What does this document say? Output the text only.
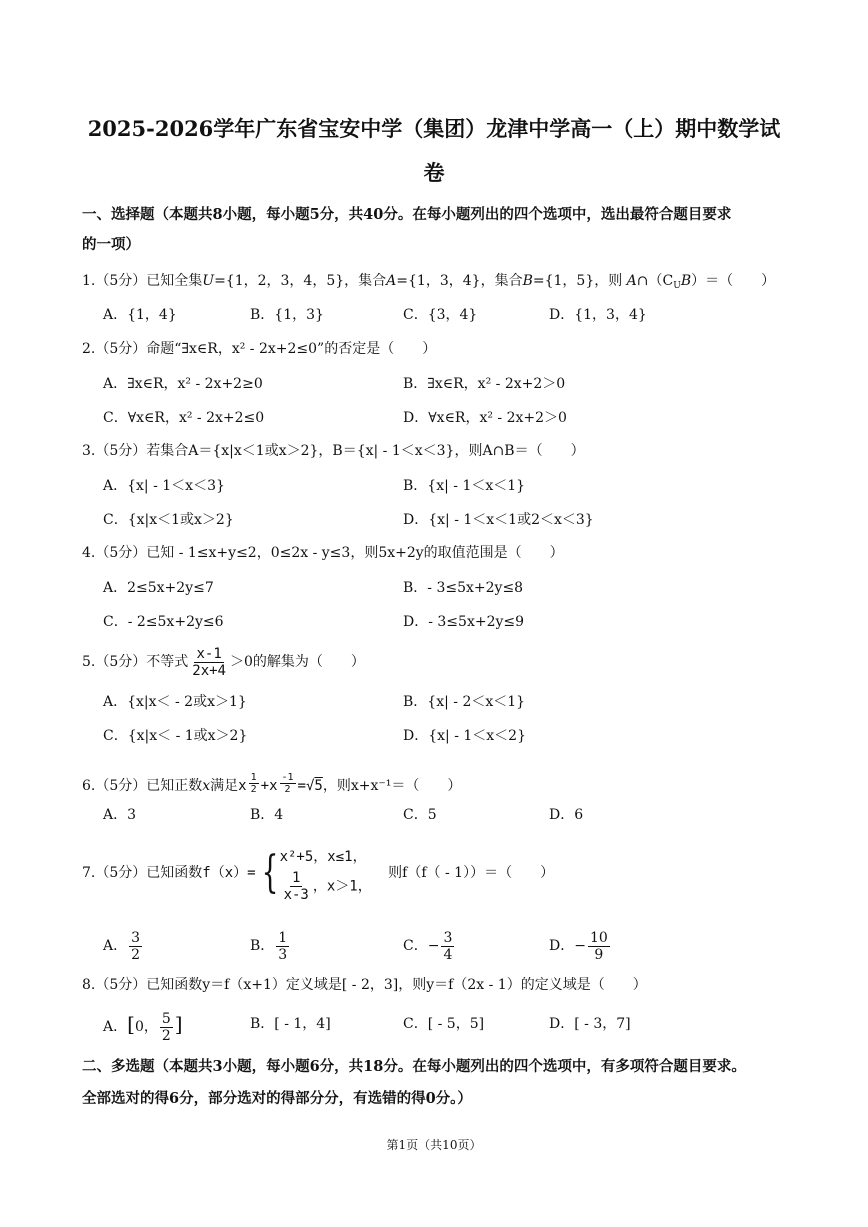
2025-2026学年广东省宝安中学（集团）龙津中学高一（上）期中数学试
卷
一、选择题（本题共8小题，每小题5分，共40分。在每小题列出的四个选项中，选出最符合题目要求
的一项）
1.（5分）已知全集U={1，2，3，4，5}，集合A={1，3，4}，集合B={1，5}，则 $A\cap(C_UB)=$（　　）
A．{1，4}	B．{1，3}	C．{3，4}	D．{1，3，4}
2.（5分）命题“∃x∈R，x² - 2x+2≤0”的否定是（　　）
A．∃x∈R，x² - 2x+2≥0	B．∃x∈R，x² - 2x+2＞0
C．∀x∈R，x² - 2x+2≤0	D．∀x∈R，x² - 2x+2＞0
3.（5分）若集合A＝{x|x＜1或x＞2}，B＝{x| - 1＜x＜3}，则A∩B＝（　　）
A．{x| - 1＜x＜3}	B．{x| - 1＜x＜1}
C．{x|x＜1或x＞2}	D．{x| - 1＜x＜1或2＜x＜3}
4.（5分）已知 - 1≤x+y≤2，0≤2x - y≤3，则5x+2y的取值范围是（　　）
A．2≤5x+2y≤7	B．- 3≤5x+2y≤8
C．- 2≤5x+2y≤6	D．- 3≤5x+2y≤9
5.（5分）不等式 $\frac{x-1}{2x+4} >0$的解集为（　　）
A．{x|x＜ - 2或x＞1}	B．{x| - 2＜x＜1}
C．{x|x＜ - 1或x＞2}	D．{x| - 1＜x＜2}
6.（5分）已知正数x满足x $\frac{1}{2} +x \frac{-1}{2} =√5$，则x+x⁻¹＝（　　）
A．3	B．4	C．5	D．6
7.（5分）已知函数f（x）= { x²+5，x≤1，
$\frac{1}{x-3}$ ，x＞1，
则f（f（ - 1））＝（　　）
A． $\frac{3}{2}$	B． $\frac{1}{3}$	C．− $\frac{3}{4}$	D．− $\frac{10}{9}$
8.（5分）已知函数y＝f（x+1）定义域是[ - 2，3]，则y＝f（2x - 1）的定义域是（　　）
A．[0， $\frac{5}{2}$ ]	B．[ - 1，4]	C．[ - 5，5]	D．[ - 3，7]
二、多选题（本题共3小题，每小题6分，共18分。在每小题列出的四个选项中，有多项符合题目要求。
全部选对的得6分，部分选对的得部分分，有选错的得0分。）
第1页（共10页）
